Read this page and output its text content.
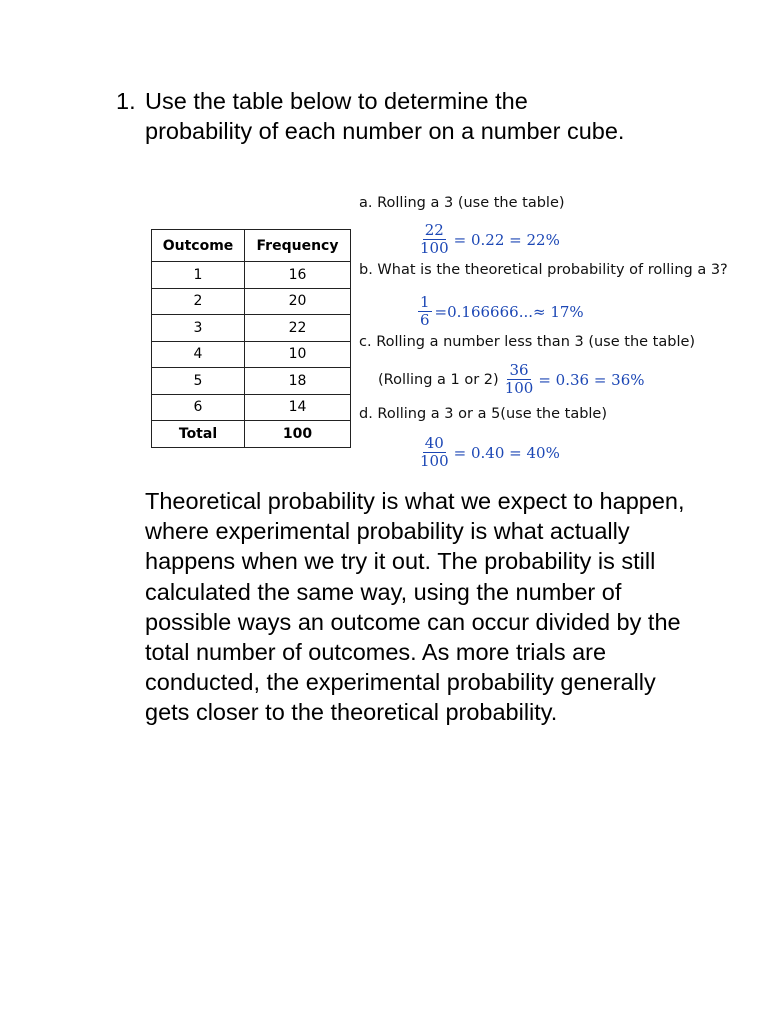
1. Use the table below to determine the probability of each number on a number cube.
Outcome	Frequency
1	16
2	20
3	22
4	10
5	18
6	14
Total	100
a. Rolling a 3 (use the table)
$\frac{22}{100} = 0.22 = 22\%$
b. What is the theoretical probability of rolling a 3?
$\frac{1}{6} =0.166666...\approx 17\%$
c. Rolling a number less than 3 (use the table)
(Rolling a 1 or $2) \frac{36}{100} = 0.36 = 36\%$
d. Rolling a 3 or a 5(use the table)
$\frac{40}{100} = 0.40 = 40\%$
Theoretical probability is what we expect to happen, where experimental probability is what actually happens when we try it out. The probability is still calculated the same way, using the number of possible ways an outcome can occur divided by the total number of outcomes. As more trials are conducted, the experimental probability generally gets closer to the theoretical probability.
